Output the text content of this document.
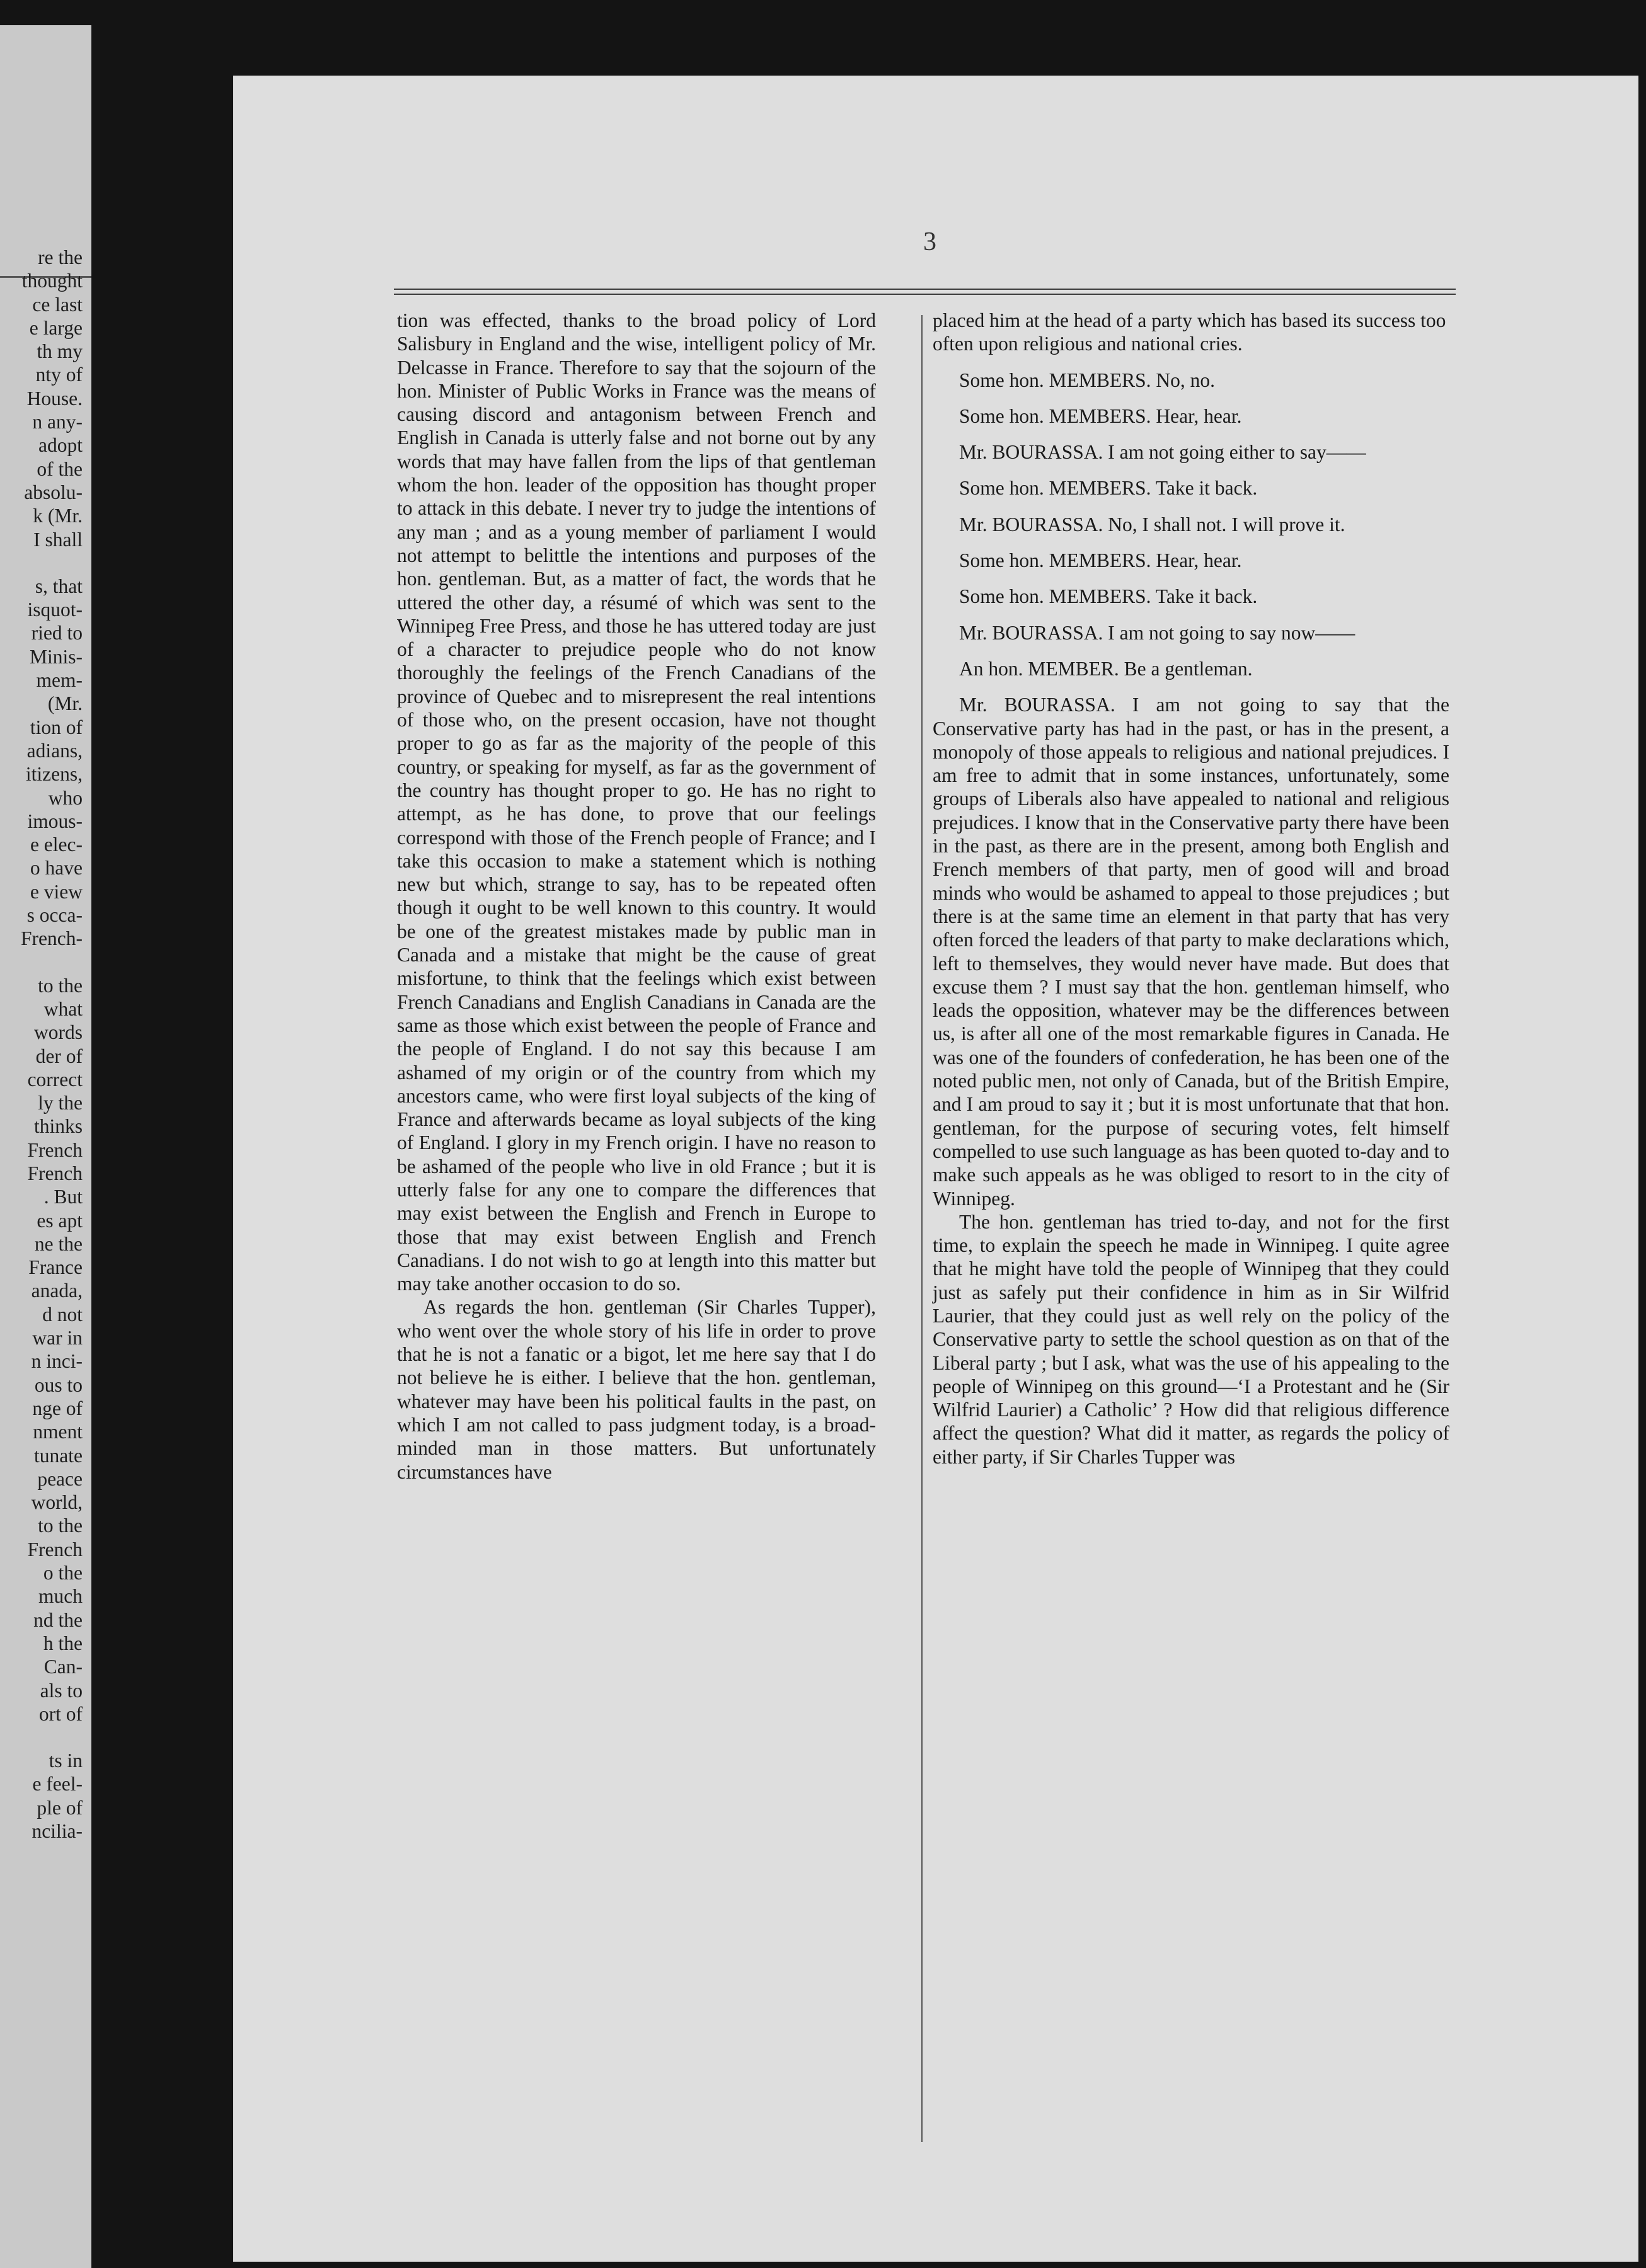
re the
thought
ce last
e large
th my
nty of
House.
n any-
adopt
of the
absolu-
k (Mr.
I shall
s, that
isquot-
ried to
Minis-
mem-
(Mr.
tion of
adians,
itizens,
who
imous-
e elec-
o have
e view
s occa-
French-
to the
what
words
der of
correct
ly the
thinks
French
French
. But
es apt
ne the
France
anada,
d not
war in
n inci-
ous to
nge of
nment
tunate
peace
world,
to the
French
o the
much
nd the
h the
Can-
als to
ort of
ts in
e feel-
ple of
ncilia-
3

tion was effected, thanks to the broad policy of Lord Salisbury in England and the wise, intelligent policy of Mr. Delcasse in France. Therefore to say that the sojourn of the hon. Minister of Public Works in France was the means of causing discord and antagonism between French and English in Canada is utterly false and not borne out by any words that may have fallen from the lips of that gentleman whom the hon. leader of the opposition has thought proper to attack in this debate. I never try to judge the intentions of any man ; and as a young member of parliament I would not attempt to belittle the intentions and purposes of the hon. gentleman. But, as a matter of fact, the words that he uttered the other day, a résumé of which was sent to the Winnipeg Free Press, and those he has uttered today are just of a character to prejudice people who do not know thoroughly the feelings of the French Canadians of the province of Quebec and to misrepresent the real intentions of those who, on the present occasion, have not thought proper to go as far as the majority of the people of this country, or speaking for myself, as far as the government of the country has thought proper to go. He has no right to attempt, as he has done, to prove that our feelings correspond with those of the French people of France; and I take this occasion to make a statement which is nothing new but which, strange to say, has to be repeated often though it ought to be well known to this country. It would be one of the greatest mistakes made by public man in Canada and a mistake that might be the cause of great misfortune, to think that the feelings which exist between French Canadians and English Canadians in Canada are the same as those which exist between the people of France and the people of England. I do not say this because I am ashamed of my origin or of the country from which my ancestors came, who were first loyal subjects of the king of France and afterwards became as loyal subjects of the king of England. I glory in my French origin. I have no reason to be ashamed of the people who live in old France ; but it is utterly false for any one to compare the differences that may exist between the English and French in Europe to those that may exist between English and French Canadians. I do not wish to go at length into this matter but may take another occasion to do so.

As regards the hon. gentleman (Sir Charles Tupper), who went over the whole story of his life in order to prove that he is not a fanatic or a bigot, let me here say that I do not believe he is either. I believe that the hon. gentleman, whatever may have been his political faults in the past, on which I am not called to pass judgment today, is a broad-minded man in those matters. But unfortunately circumstances have

placed him at the head of a party which has based its success too often upon religious and national cries.

Some hon. MEMBERS. No, no.

Some hon. MEMBERS. Hear, hear.

Mr. BOURASSA. I am not going either to say——

Some hon. MEMBERS. Take it back.

Mr. BOURASSA. No, I shall not. I will prove it.

Some hon. MEMBERS. Hear, hear.

Some hon. MEMBERS. Take it back.

Mr. BOURASSA. I am not going to say now——

An hon. MEMBER. Be a gentleman.

Mr. BOURASSA. I am not going to say that the Conservative party has had in the past, or has in the present, a monopoly of those appeals to religious and national prejudices. I am free to admit that in some instances, unfortunately, some groups of Liberals also have appealed to national and religious prejudices. I know that in the Conservative party there have been in the past, as there are in the present, among both English and French members of that party, men of good will and broad minds who would be ashamed to appeal to those prejudices ; but there is at the same time an element in that party that has very often forced the leaders of that party to make declarations which, left to themselves, they would never have made. But does that excuse them ? I must say that the hon. gentleman himself, who leads the opposition, whatever may be the differences between us, is after all one of the most remarkable figures in Canada. He was one of the founders of confederation, he has been one of the noted public men, not only of Canada, but of the British Empire, and I am proud to say it ; but it is most unfortunate that that hon. gentleman, for the purpose of securing votes, felt himself compelled to use such language as has been quoted to-day and to make such appeals as he was obliged to resort to in the city of Winnipeg.

The hon. gentleman has tried to-day, and not for the first time, to explain the speech he made in Winnipeg. I quite agree that he might have told the people of Winnipeg that they could just as safely put their confidence in him as in Sir Wilfrid Laurier, that they could just as well rely on the policy of the Conservative party to settle the school question as on that of the Liberal party ; but I ask, what was the use of his appealing to the people of Winnipeg on this ground—‘I a Protestant and he (Sir Wilfrid Laurier) a Catholic’ ? How did that religious difference affect the question? What did it matter, as regards the policy of either party, if Sir Charles Tupper was
